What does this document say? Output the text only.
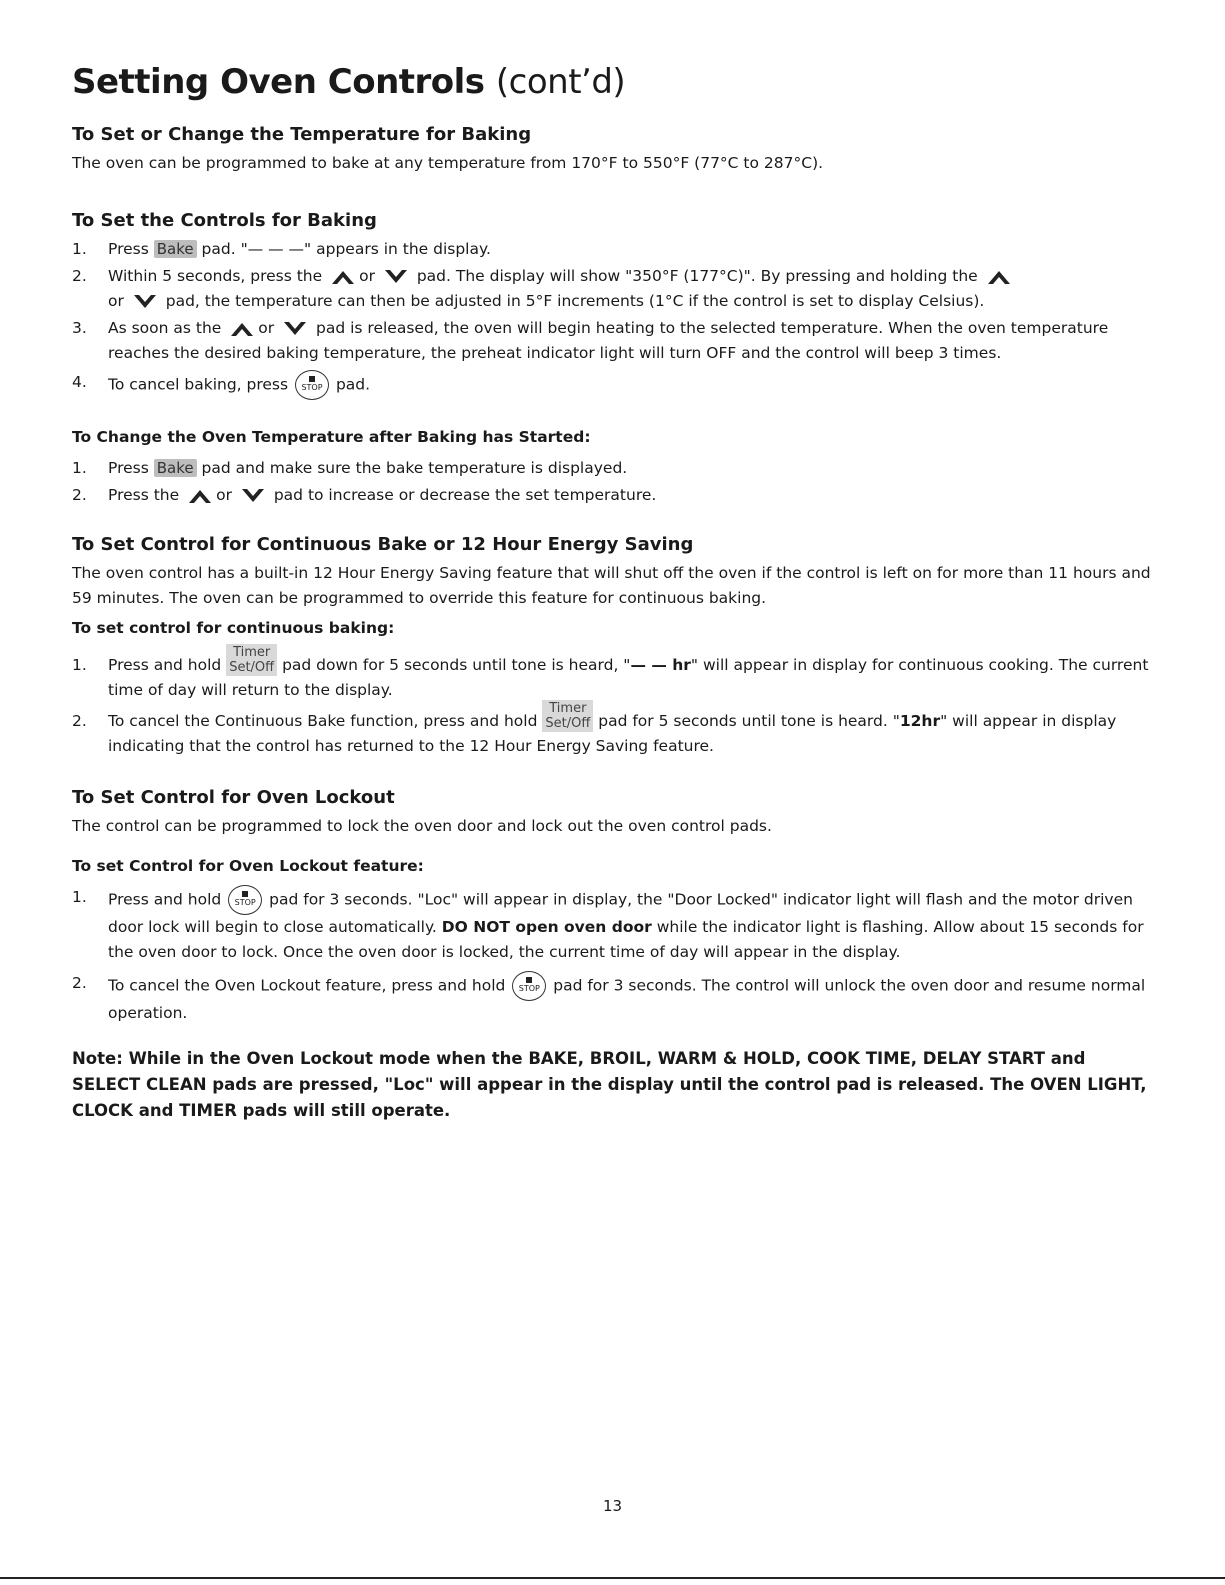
Setting Oven Controls (cont’d)
To Set or Change the Temperature for Baking

The oven can be programmed to bake at any temperature from 170°F to 550°F (77°C to 287°C).

To Set the Controls for Baking
1. Press Bake pad. "— — —" appears in the display.
2. Within 5 seconds, press the or	pad. The display will show "350°F (177°C)". By pressing and holding the
or	pad, the temperature can then be adjusted in 5°F increments (1°C if the control is set to display Celsius).
3. As soon as the or	pad is released, the oven will begin heating to the selected temperature. When the oven temperature reaches the desired baking temperature, the preheat indicator light will turn OFF and the control will beep 3 times.
4. To cancel baking, press STOP pad.
To Change the Oven Temperature after Baking has Started:
1. Press Bake pad and make sure the bake temperature is displayed.
2. Press the or	pad to increase or decrease the set temperature.
To Set Control for Continuous Bake or 12 Hour Energy Saving

The oven control has a built-in 12 Hour Energy Saving feature that will shut off the oven if the control is left on for more than 11 hours and 59 minutes. The oven can be programmed to override this feature for continuous baking.

To set control for continuous baking:
1. Press and hold
Timer
Set/Off pad down for 5 seconds until tone is heard, "— — hr" will appear in display for continuous cooking. The current time of day will return to the display.
2. To cancel the Continuous Bake function, press and hold
Timer
Set/Off pad for 5 seconds until tone is heard. "12hr" will appear in display indicating that the control has returned to the 12 Hour Energy Saving feature.
To Set Control for Oven Lockout

The control can be programmed to lock the oven door and lock out the oven control pads.

To set Control for Oven Lockout feature:
1. Press and hold STOP pad for 3 seconds. "Loc" will appear in display, the "Door Locked" indicator light will flash and the motor driven door lock will begin to close automatically. DO NOT open oven door while the indicator light is flashing. Allow about 15 seconds for the oven door to lock. Once the oven door is locked, the current time of day will appear in the display.
2. To cancel the Oven Lockout feature, press and hold STOP pad for 3 seconds. The control will unlock the oven door and resume normal operation.

Note: While in the Oven Lockout mode when the BAKE, BROIL, WARM & HOLD, COOK TIME, DELAY START and SELECT CLEAN pads are pressed, "Loc" will appear in the display until the control pad is released. The OVEN LIGHT, CLOCK and TIMER pads will still operate.

13
